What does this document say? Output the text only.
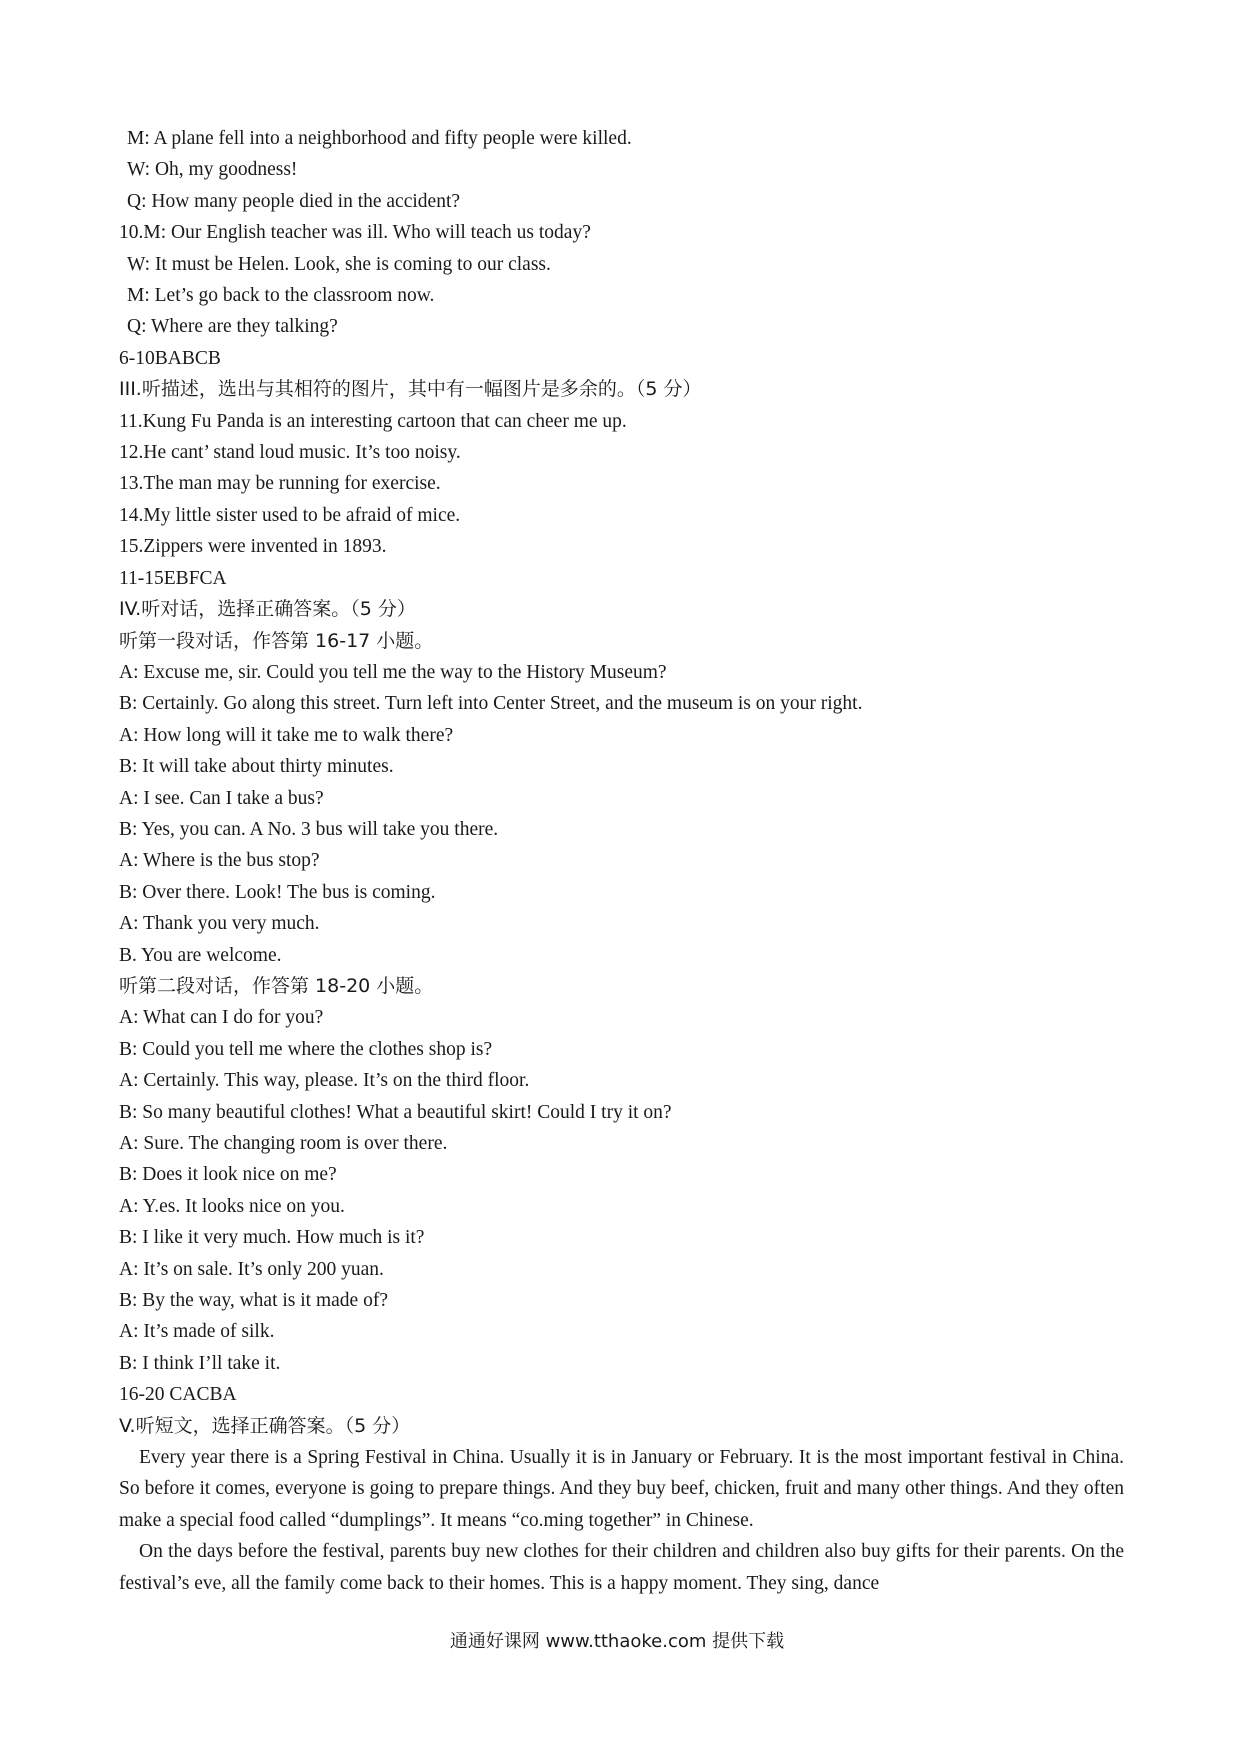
M: A plane fell into a neighborhood and fifty people were killed.
W: Oh, my goodness!
Q: How many people died in the accident?
10.M: Our English teacher was ill. Who will teach us today?
W: It must be Helen. Look, she is coming to our class.
M: Let’s go back to the classroom now.
Q: Where are they talking?
6-10BABCB
III.听描述，选出与其相符的图片，其中有一幅图片是多余的。（5 分）
11.Kung Fu Panda is an interesting cartoon that can cheer me up.
12.He cant’ stand loud music. It’s too noisy.
13.The man may be running for exercise.
14.My little sister used to be afraid of mice.
15.Zippers were invented in 1893.
11-15EBFCA
IV.听对话，选择正确答案。（5 分）
听第一段对话，作答第 16-17 小题。
A: Excuse me, sir. Could you tell me the way to the History Museum?
B: Certainly. Go along this street. Turn left into Center Street, and the museum is on your right.
A: How long will it take me to walk there?
B: It will take about thirty minutes.
A: I see. Can I take a bus?
B: Yes, you can. A No. 3 bus will take you there.
A: Where is the bus stop?
B: Over there. Look! The bus is coming.
A: Thank you very much.
B. You are welcome.
听第二段对话，作答第 18-20 小题。
A: What can I do for you?
B: Could you tell me where the clothes shop is?
A: Certainly. This way, please. It’s on the third floor.
B: So many beautiful clothes! What a beautiful skirt! Could I try it on?
A: Sure. The changing room is over there.
B: Does it look nice on me?
A: Y.es. It looks nice on you.
B: I like it very much. How much is it?
A: It’s on sale. It’s only 200 yuan.
B: By the way, what is it made of?
A: It’s made of silk.
B: I think I’ll take it.
16-20 CACBA
V.听短文，选择正确答案。（5 分）
Every year there is a Spring Festival in China. Usually it is in January or February. It is the most important festival in China. So before it comes, everyone is going to prepare things. And they buy beef, chicken, fruit and many other things. And they often make a special food called “dumplings”. It means “co.ming together” in Chinese.
On the days before the festival, parents buy new clothes for their children and children also buy gifts for their parents. On the festival’s eve, all the family come back to their homes. This is a happy moment. They sing, dance
通通好课网 www.tthaoke.com 提供下载
